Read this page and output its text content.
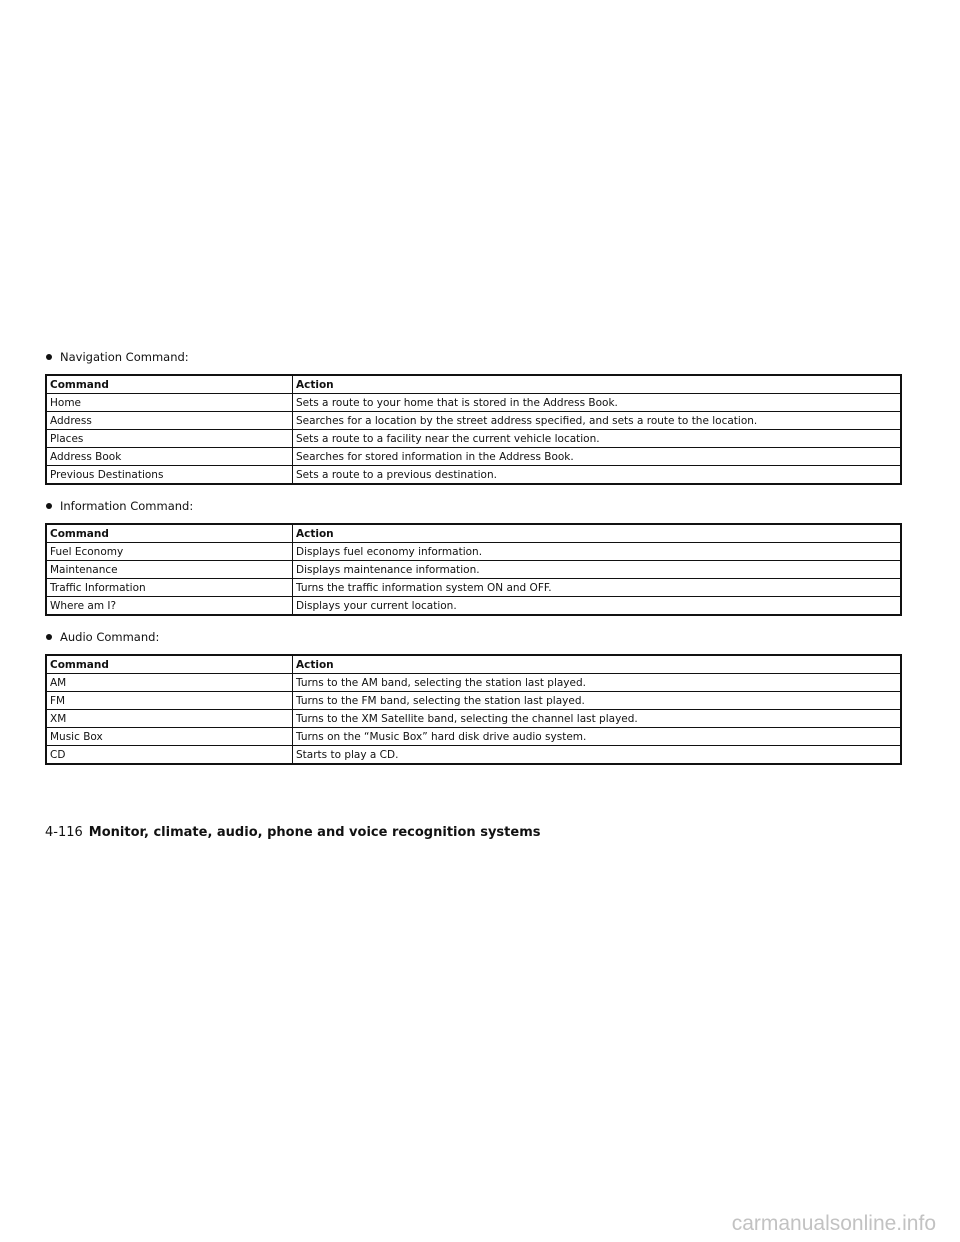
Navigation Command:
Command	Action
Home	Sets a route to your home that is stored in the Address Book.
Address	Searches for a location by the street address specified, and sets a route to the location.
Places	Sets a route to a facility near the current vehicle location.
Address Book	Searches for stored information in the Address Book.
Previous Destinations	Sets a route to a previous destination.
Information Command:
Command	Action
Fuel Economy	Displays fuel economy information.
Maintenance	Displays maintenance information.
Traffic Information	Turns the traffic information system ON and OFF.
Where am I?	Displays your current location.
Audio Command:
Command	Action
AM	Turns to the AM band, selecting the station last played.
FM	Turns to the FM band, selecting the station last played.
XM	Turns to the XM Satellite band, selecting the channel last played.
Music Box	Turns on the “Music Box” hard disk drive audio system.
CD	Starts to play a CD.
4-116 Monitor, climate, audio, phone and voice recognition systems
carmanualsonline.info
